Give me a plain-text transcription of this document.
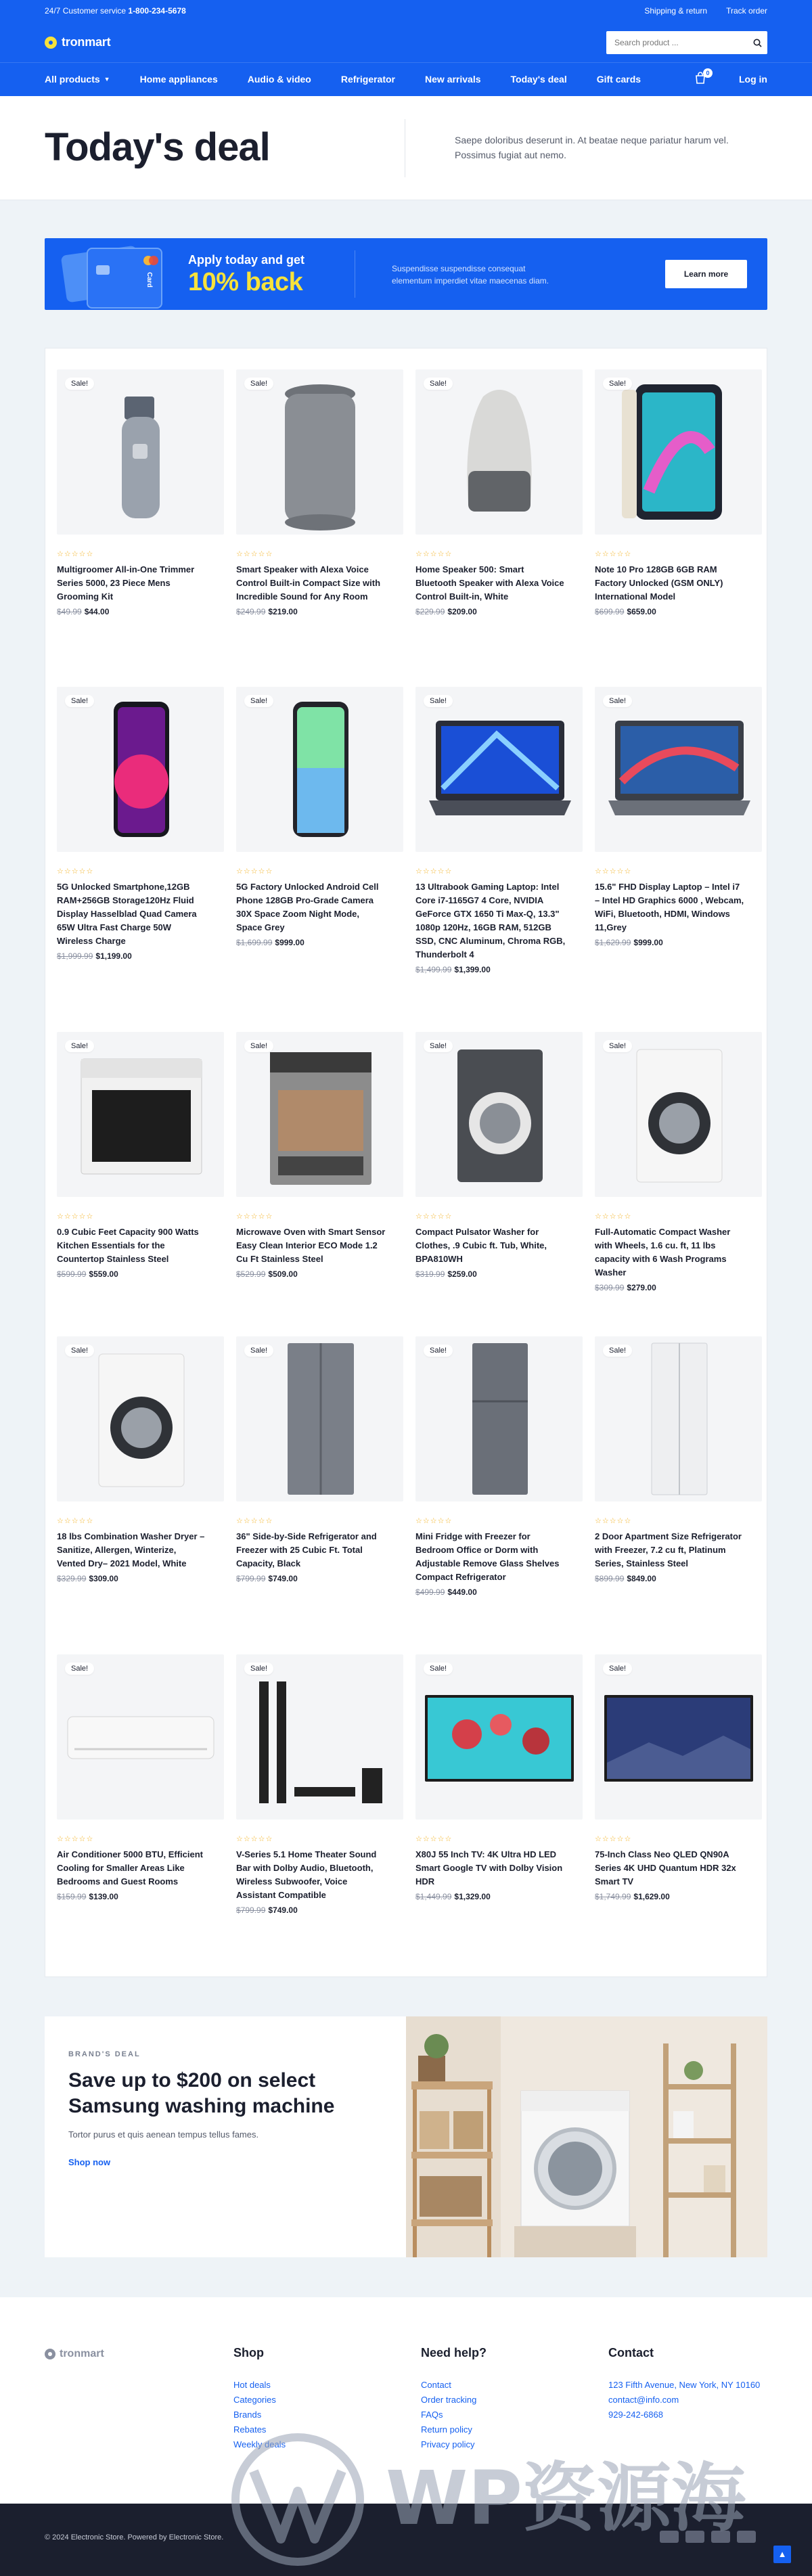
24/7 Customer service 1-800-234-5678	Shipping & return Track order
tronmart
Search product ...
All products ▼	Home appliances	Audio & video	Refrigerator	New arrivals	Today's deal	Gift cards
0
Log in
Today's deal	Saepe doloribus deserunt in. At beatae neque pariatur harum vel. Possimus fugiat aut nemo.

Card
Apply today and get
10% back	Suspendisse suspendisse consequat elementum imperdiet vitae maecenas diam.
Learn more
Sale!
☆☆☆☆☆
Multigroomer All-in-One Trimmer Series 5000, 23 Piece Mens Grooming Kit
$49.99 $44.00
Sale!
☆☆☆☆☆
Smart Speaker with Alexa Voice Control Built-in Compact Size with Incredible Sound for Any Room
$249.99 $219.00
Sale!
☆☆☆☆☆
Home Speaker 500: Smart Bluetooth Speaker with Alexa Voice Control Built-in, White
$229.99 $209.00
Sale!
☆☆☆☆☆
Note 10 Pro 128GB 6GB RAM Factory Unlocked (GSM ONLY) International Model
$699.99 $659.00
Sale!
☆☆☆☆☆
5G Unlocked Smartphone,12GB RAM+256GB Storage120Hz Fluid Display Hasselblad Quad Camera 65W Ultra Fast Charge 50W Wireless Charge
$1,999.99 $1,199.00
Sale!
☆☆☆☆☆
5G Factory Unlocked Android Cell Phone 128GB Pro-Grade Camera 30X Space Zoom Night Mode, Space Grey
$1,699.99 $999.00
Sale!
☆☆☆☆☆
13 Ultrabook Gaming Laptop: Intel Core i7-1165G7 4 Core, NVIDIA GeForce GTX 1650 Ti Max-Q, 13.3" 1080p 120Hz, 16GB RAM, 512GB SSD, CNC Aluminum, Chroma RGB, Thunderbolt 4
$1,499.99 $1,399.00
Sale!
☆☆☆☆☆
15.6" FHD Display Laptop – Intel i7 – Intel HD Graphics 6000 , Webcam, WiFi, Bluetooth, HDMI, Windows 11,Grey
$1,629.99 $999.00
Sale!
☆☆☆☆☆
0.9 Cubic Feet Capacity 900 Watts Kitchen Essentials for the Countertop Stainless Steel
$599.99 $559.00
Sale!
☆☆☆☆☆
Microwave Oven with Smart Sensor Easy Clean Interior ECO Mode 1.2 Cu Ft Stainless Steel
$529.99 $509.00
Sale!
☆☆☆☆☆
Compact Pulsator Washer for Clothes, .9 Cubic ft. Tub, White, BPA810WH
$319.99 $259.00
Sale!
☆☆☆☆☆
Full-Automatic Compact Washer with Wheels, 1.6 cu. ft, 11 lbs capacity with 6 Wash Programs Washer
$309.99 $279.00
Sale!
☆☆☆☆☆
18 lbs Combination Washer Dryer – Sanitize, Allergen, Winterize, Vented Dry– 2021 Model, White
$329.99 $309.00
Sale!
☆☆☆☆☆
36" Side-by-Side Refrigerator and Freezer with 25 Cubic Ft. Total Capacity, Black
$799.99 $749.00
Sale!
☆☆☆☆☆
Mini Fridge with Freezer for Bedroom Office or Dorm with Adjustable Remove Glass Shelves Compact Refrigerator
$499.99 $449.00
Sale!
☆☆☆☆☆
2 Door Apartment Size Refrigerator with Freezer, 7.2 cu ft, Platinum Series, Stainless Steel
$899.99 $849.00
Sale!
☆☆☆☆☆
Air Conditioner 5000 BTU, Efficient Cooling for Smaller Areas Like Bedrooms and Guest Rooms
$159.99 $139.00
Sale!
☆☆☆☆☆
V-Series 5.1 Home Theater Sound Bar with Dolby Audio, Bluetooth, Wireless Subwoofer, Voice Assistant Compatible
$799.99 $749.00
Sale!
☆☆☆☆☆
X80J 55 Inch TV: 4K Ultra HD LED Smart Google TV with Dolby Vision HDR
$1,449.99 $1,329.00
Sale!
☆☆☆☆☆
75-Inch Class Neo QLED QN90A Series 4K UHD Quantum HDR 32x Smart TV
$1,749.99 $1,629.00
BRAND'S DEAL
Save up to $200 on select Samsung washing machine

Tortor purus et quis aenean tempus tellus fames.

Shop now
tronmart	Shop
Hot deals
Categories
Brands
Rebates
Weekly deals
Need help?
Contact
Order tracking
FAQs
Return policy
Privacy policy
Contact
123 Fifth Avenue, New York, NY 10160
contact@info.com
929-242-6868
© 2024 Electronic Store. Powered by Electronic Store.
▲
WP资源海
